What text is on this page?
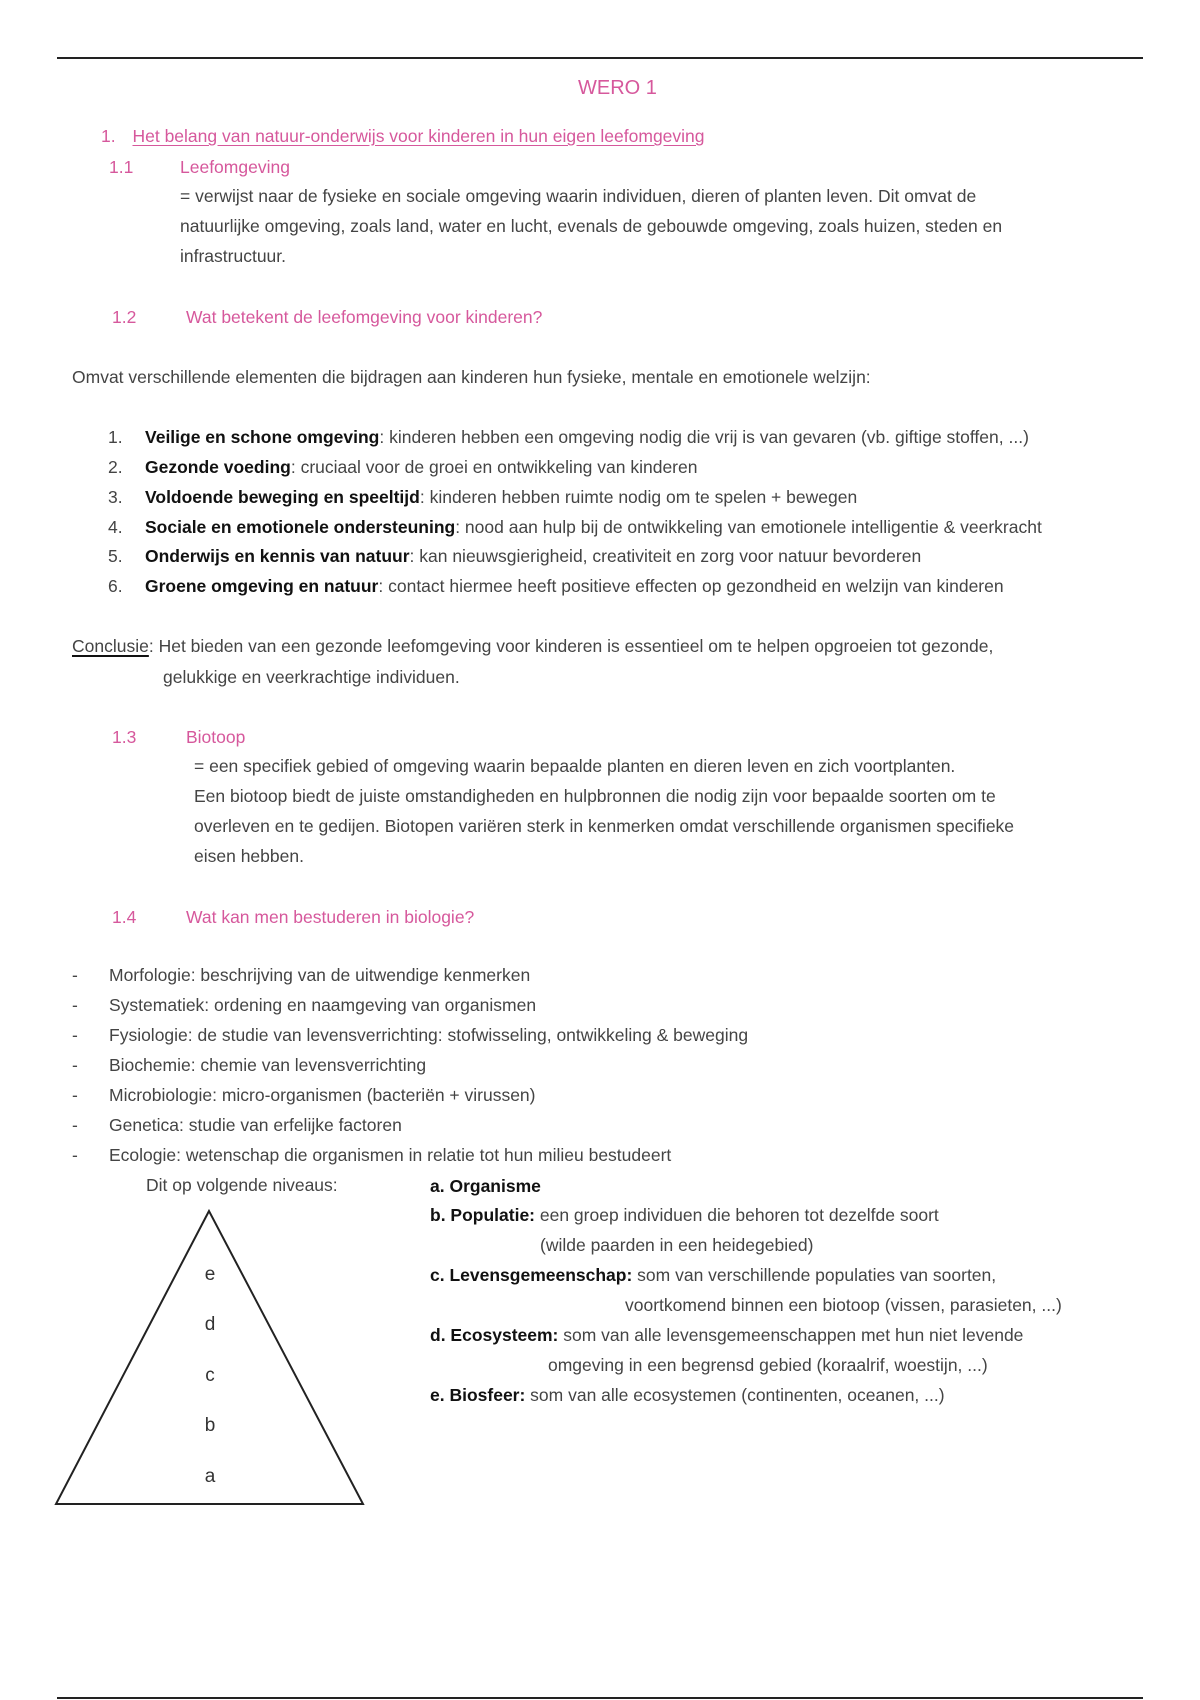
WERO 1
1. Het belang van natuur-onderwijs voor kinderen in hun eigen leefomgeving
1.1	Leefomgeving
= verwijst naar de fysieke en sociale omgeving waarin individuen, dieren of planten leven. Dit omvat de
natuurlijke omgeving, zoals land, water en lucht, evenals de gebouwde omgeving, zoals huizen, steden en
infrastructuur.
1.2	Wat betekent de leefomgeving voor kinderen?
Omvat verschillende elementen die bijdragen aan kinderen hun fysieke, mentale en emotionele welzijn:
1. Veilige en schone omgeving: kinderen hebben een omgeving nodig die vrij is van gevaren (vb. giftige stoffen, ...)
2. Gezonde voeding: cruciaal voor de groei en ontwikkeling van kinderen
3. Voldoende beweging en speeltijd: kinderen hebben ruimte nodig om te spelen + bewegen
4. Sociale en emotionele ondersteuning: nood aan hulp bij de ontwikkeling van emotionele intelligentie & veerkracht
5. Onderwijs en kennis van natuur: kan nieuwsgierigheid, creativiteit en zorg voor natuur bevorderen
6. Groene omgeving en natuur: contact hiermee heeft positieve effecten op gezondheid en welzijn van kinderen
Conclusie: Het bieden van een gezonde leefomgeving voor kinderen is essentieel om te helpen opgroeien tot gezonde,
gelukkige en veerkrachtige individuen.
1.3	Biotoop
= een specifiek gebied of omgeving waarin bepaalde planten en dieren leven en zich voortplanten.
Een biotoop biedt de juiste omstandigheden en hulpbronnen die nodig zijn voor bepaalde soorten om te
overleven en te gedijen. Biotopen variëren sterk in kenmerken omdat verschillende organismen specifieke
eisen hebben.
1.4	Wat kan men bestuderen in biologie?
- Morfologie: beschrijving van de uitwendige kenmerken
- Systematiek: ordening en naamgeving van organismen
- Fysiologie: de studie van levensverrichting: stofwisseling, ontwikkeling & beweging
- Biochemie: chemie van levensverrichting
- Microbiologie: micro-organismen (bacteriën + virussen)
- Genetica: studie van erfelijke factoren
- Ecologie: wetenschap die organismen in relatie tot hun milieu bestudeert
Dit op volgende niveaus:
e
d
c
b
a
a. Organisme
b. Populatie: een groep individuen die behoren tot dezelfde soort
(wilde paarden in een heidegebied)
c. Levensgemeenschap: som van verschillende populaties van soorten,
voortkomend binnen een biotoop (vissen, parasieten, ...)
d. Ecosysteem: som van alle levensgemeenschappen met hun niet levende
omgeving in een begrensd gebied (koraalrif, woestijn, ...)
e. Biosfeer: som van alle ecosystemen (continenten, oceanen, ...)
